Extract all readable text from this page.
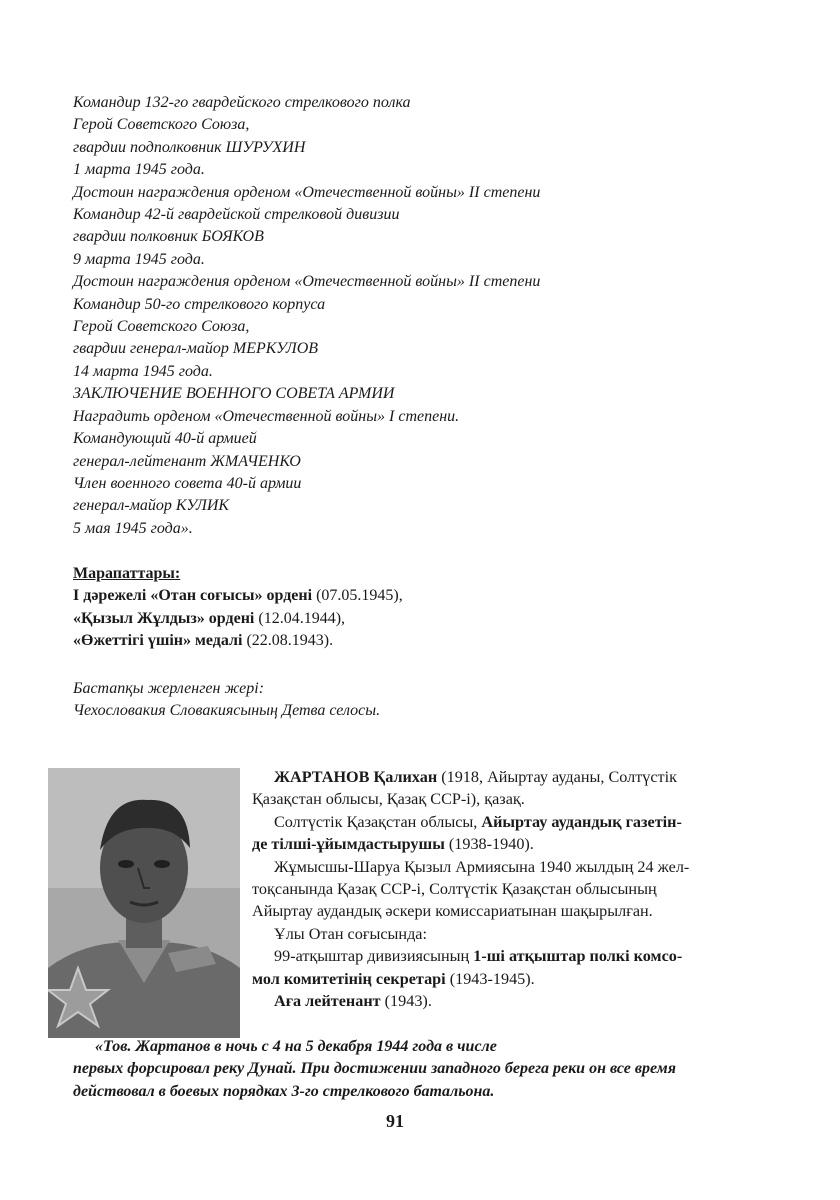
Командир 132-го гвардейского стрелкового полка
Герой Советского Союза,
гвардии подполковник ШУРУХИН
1 марта 1945 года.
Достоин награждения орденом «Отечественной войны» II степени
Командир 42-й гвардейской стрелковой дивизии
гвардии полковник БОЯКОВ
9 марта 1945 года.
Достоин награждения орденом «Отечественной войны» II степени
Командир 50-го стрелкового корпуса
Герой Советского Союза,
гвардии генерал-майор МЕРКУЛОВ
14 марта 1945 года.
ЗАКЛЮЧЕНИЕ ВОЕННОГО СОВЕТА АРМИИ
Наградить орденом «Отечественной войны» I степени.
Командующий 40-й армией
генерал-лейтенант ЖМАЧЕНКО
Член военного совета 40-й армии
генерал-майор КУЛИК
5 мая 1945 года».
Марапаттары:
І дәрежелі «Отан соғысы» ордені (07.05.1945),
«Қызыл Жұлдыз» ордені (12.04.1944),
«Өжеттігі үшін» медалі (22.08.1943).
Бастапқы жерленген жері:
Чехословакия Словакиясының Детва селосы.
ЖАРТАНОВ Қалихан (1918, Айыртау ауданы, Солтүстік
Қазақстан облысы, Қазақ ССР-і), қазақ.
Солтүстік Қазақстан облысы, Айыртау аудандық газетін-
де тілші-ұйымдастырушы (1938-1940).
Жұмысшы-Шаруа Қызыл Армиясына 1940 жылдың 24 жел-
тоқсанында Қазақ ССР-і, Солтүстік Қазақстан облысының
Айыртау аудандық әскери комиссариатынан шақырылған.
Ұлы Отан соғысында:
99-атқыштар дивизиясының 1-ші атқыштар полкі комсо-
мол комитетінің секретарі (1943-1945).
Аға лейтенант (1943).
«Тов. Жартанов в ночь с 4 на 5 декабря 1944 года в числе
первых форсировал реку Дунай. При достижении западного берега реки он все время
действовал в боевых порядках 3-го стрелкового батальона.
91
